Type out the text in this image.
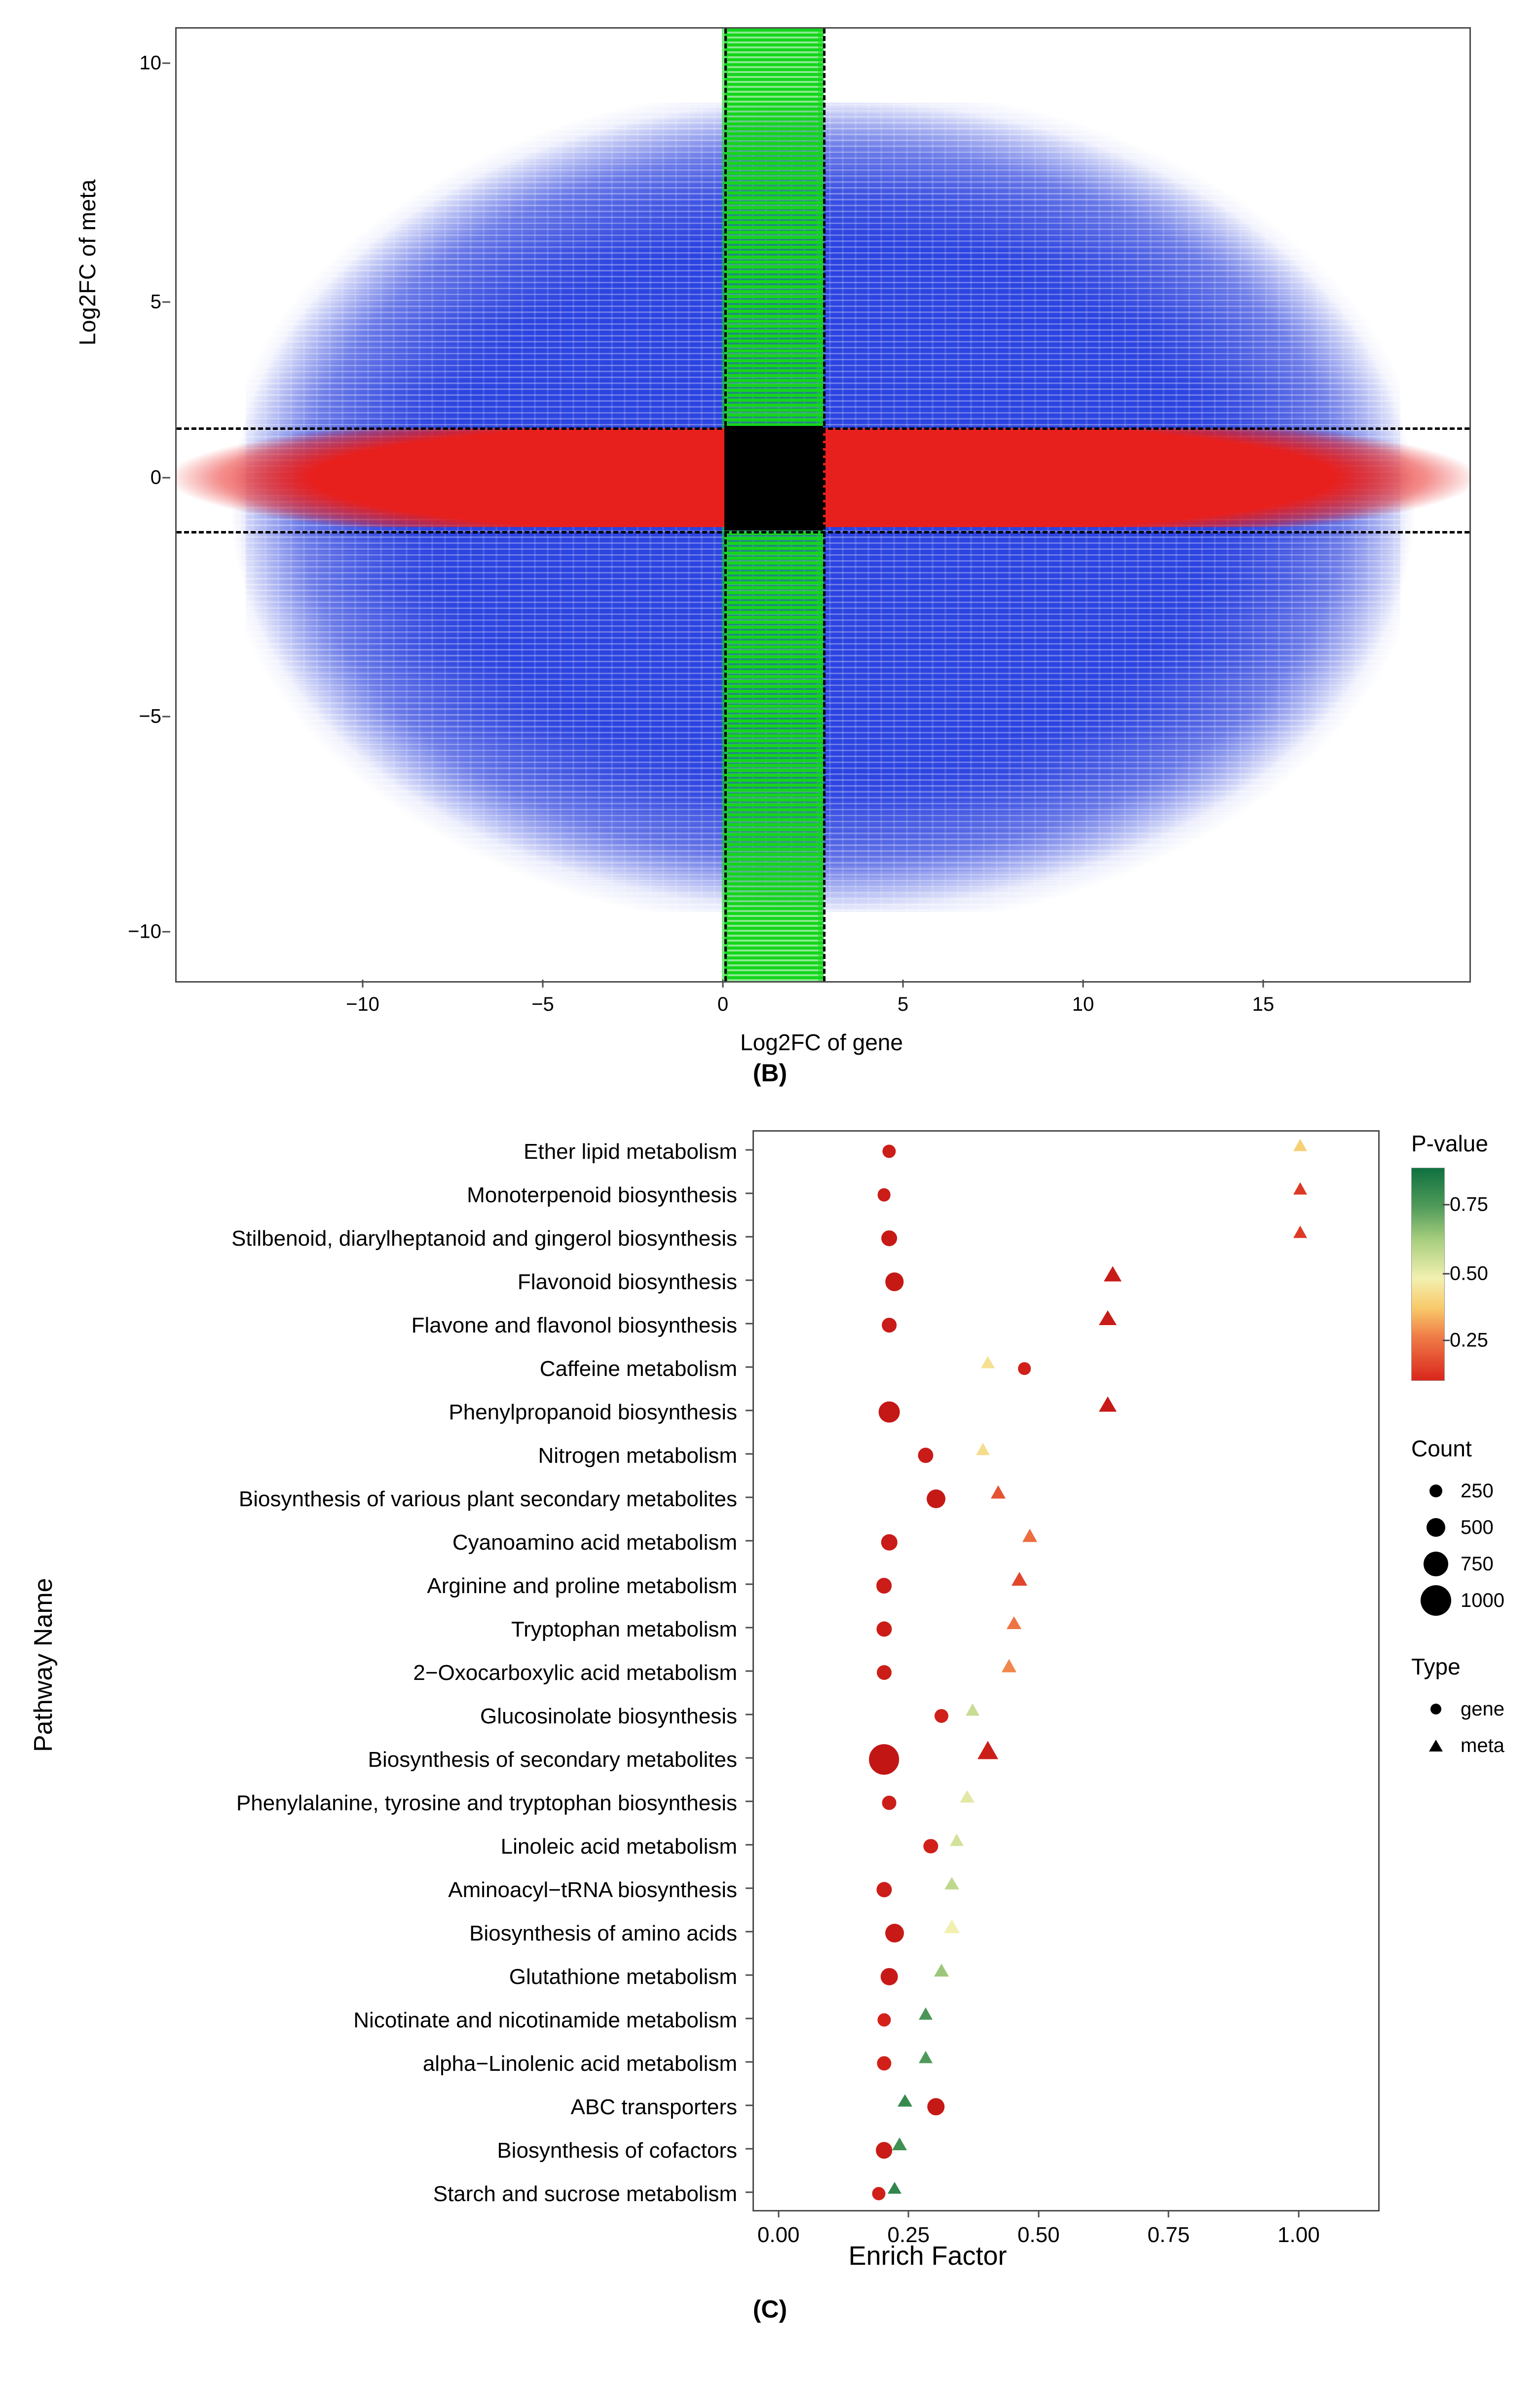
Log2FC of meta
10
5
0
−5
−10
−10	−5	0	5	10	15
Log2FC of gene
(B)
Pathway Name
Ether lipid metabolism
Monoterpenoid biosynthesis
Stilbenoid, diarylheptanoid and gingerol biosynthesis
Flavonoid biosynthesis
Flavone and flavonol biosynthesis
Caffeine metabolism
Phenylpropanoid biosynthesis
Nitrogen metabolism
Biosynthesis of various plant secondary metabolites
Cyanoamino acid metabolism
Arginine and proline metabolism
Tryptophan metabolism
2−Oxocarboxylic acid metabolism
Glucosinolate biosynthesis
Biosynthesis of secondary metabolites
Phenylalanine, tyrosine and tryptophan biosynthesis
Linoleic acid metabolism
Aminoacyl−tRNA biosynthesis
Biosynthesis of amino acids
Glutathione metabolism
Nicotinate and nicotinamide metabolism
alpha−Linolenic acid metabolism
ABC transporters
Biosynthesis of cofactors
Starch and sucrose metabolism
0.00	0.25	0.50	0.75	1.00
Enrich Factor
P-value
0.75
0.50
0.25
Count
250
500
750
1000
Type
gene
meta
(C)
